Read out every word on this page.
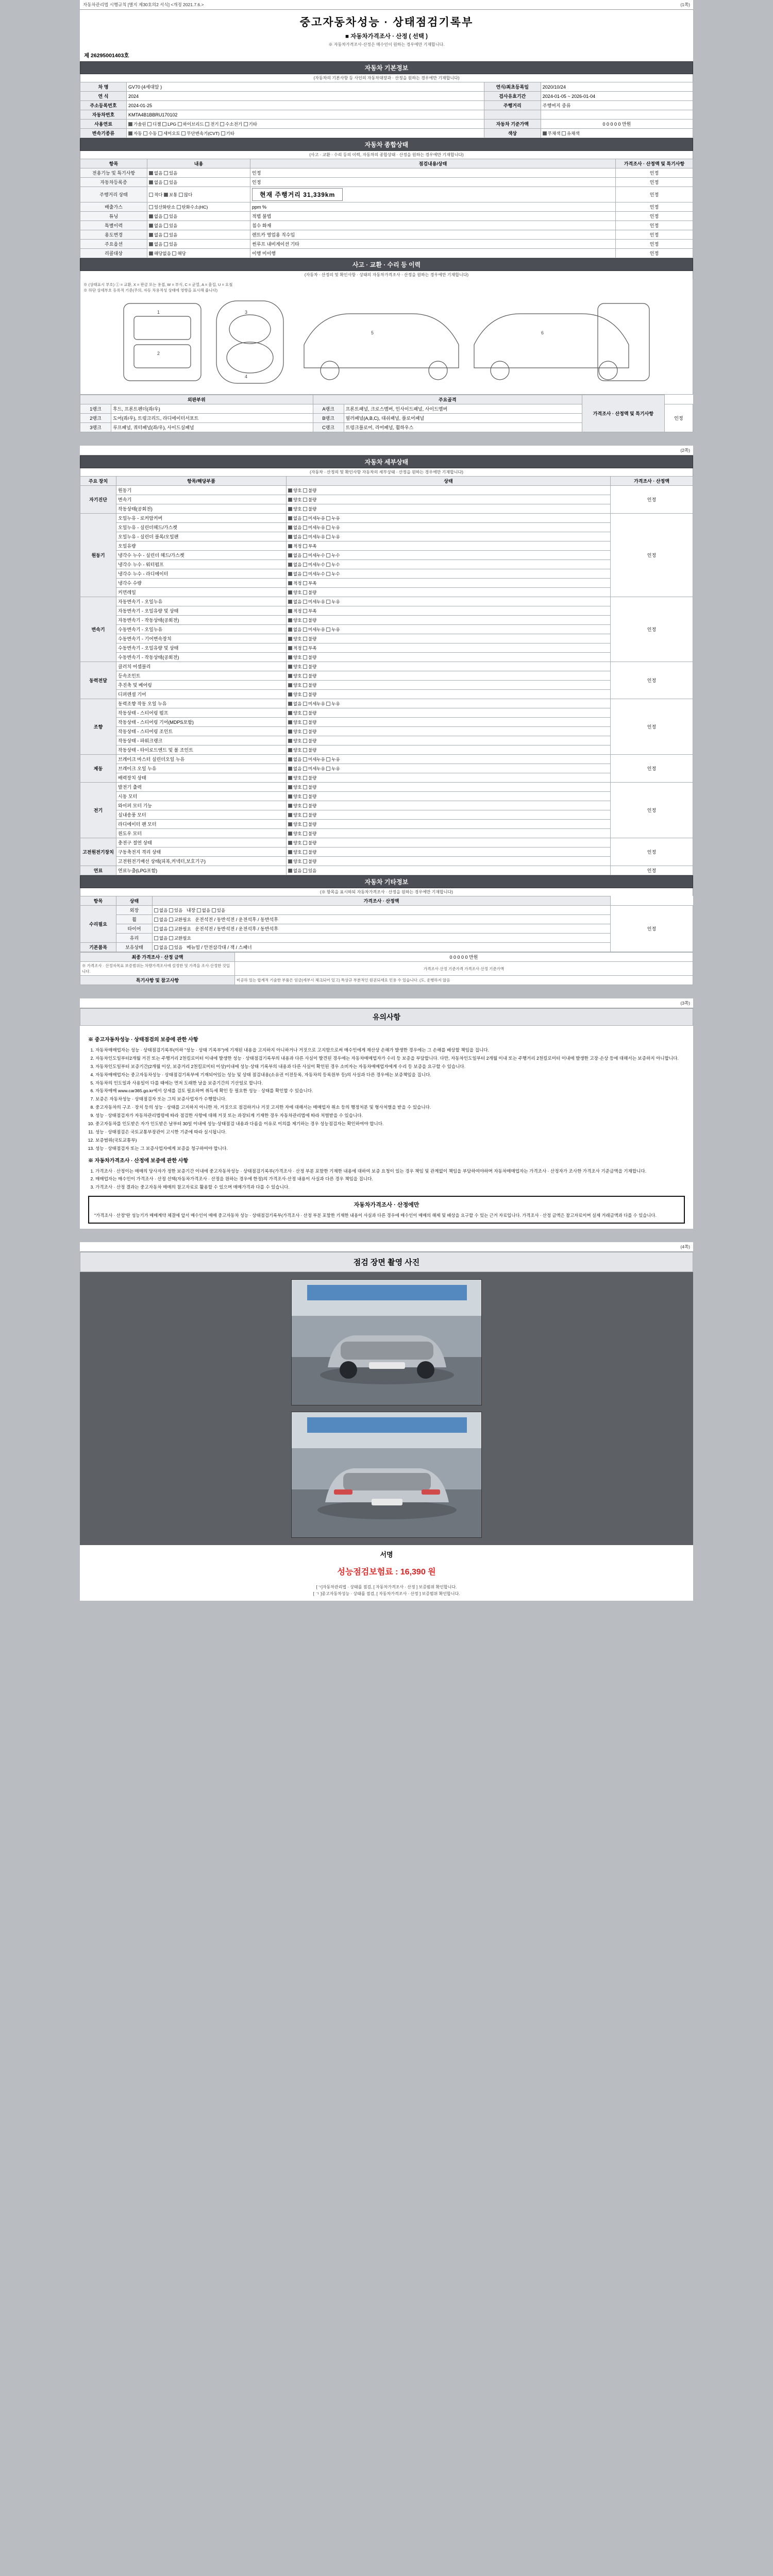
자동차관리법 시행규칙 [별지 제30호의2 서식] <개정 2021.7.6.>	(1쪽)
중고자동차성능 · 상태점검기록부
■ 자동차가격조사 · 산정 ( 선택 )
※ 자동차가격조사·산정은 매수인이 원하는 경우에만 기재합니다.
제 26295001403호
자동차 기본정보
(자동차의 기본사항 등 사인의 자동차대장과 · 산정을 원하는 경우에만 기재합니다)
차 명	GV70 (4세대알 )	연식/최초등록일	2020/10/24
연 식	2024	검사유효기간	2024-01-05 ~ 2026-01-04
주소등록번호	2024-01-25	주행거리	주행여지 중류
자동차번호	KMTA4B1BBRU170102		
사용연료	가솔린 디젤 LPG 하이브리드 전기 수소전기 기타	자동차 기준가액	0 0 0 0 0 만원
변속기종류	자동 수동 세미오토 무단변속기(CVT) 기타	색상	무채색 유채색
자동차 종합상태
(사고 · 교환 · 수리 등의 이력, 자동차의 종합상태 · 산정을 원하는 경우에만 기재합니다)
항목	내용	점검내용/상태	가격조사 · 산정액 및 특기사항
전용기능 및 특기사항	없음 있음	인정	인정
자동차등록증	없음 있음	인정	인정
주행거리 상태	적다 보통 많다	현재 주행거리 31,339km	인정
배출가스	일산화탄소 탄화수소(HC)	ppm %	인정
튜닝	없음 있음	적법 불법	인정
특별이력	없음 있음	침수 화재	인정
용도변경	없음 있음	렌트카 영업용 직수입	인정
주요옵션	없음 있음	썬루프 내비게이션 기타	인정
리콜대상	해당없음 해당	이행 미이행	인정
사고 · 교환 · 수리 등 이력
(자동차 · 산정의 및 확인사항 · 상태의 자동차가격조사 · 산정을 원하는 경우에만 기재합니다)
※ (상태표시 부호) ① = 교환, X = 판금 또는 용접, W = 부식, C = 균열, A = 흠집, U = 요철
※ 하단 상세부호 등록적 기준(주의, 자동 차용적성 상태에 영향을 표시해 줍니다)
1
2
3
4
5	6
외판부위		주요골격		가격조사 · 산정액 및 특기사항	
1랭크	후드, 프론트펜더(좌/우)	A랭크	프론트패널, 크로스멤버, 인사이드패널, 사이드멤버		인정
2랭크	도어(좌/우), 트렁크리드, 라디에이터서포트	B랭크	필러패널(A,B,C), 대쉬패널, 플로어패널		
3랭크	루프패널, 쿼터패널(좌/우), 사이드실패널	C랭크	트렁크플로어, 리어패널, 휠하우스		
(2쪽)
자동차 세부상태
(자동차 · 산정의 및 확인사항 자동차의 세부상태 · 산정을 원하는 경우에만 기재합니다)
주요 장치	항목/해당부품	상태	가격조사 · 산정액
자기진단	원동기	양호 불량	인정
	변속기	양호 불량	
	작동상태(공회전)	양호 불량	
원동기	오일누유 - 로커암커버	없음 미세누유 누유	인정
	오일누유 - 실린더헤드/가스켓	없음 미세누유 누유	
	오일누유 - 실린더 블록/오일팬	없음 미세누유 누유	
	오일유량	적정 부족	
	냉각수 누수 - 실린더 헤드/가스켓	없음 미세누수 누수	
	냉각수 누수 - 워터펌프	없음 미세누수 누수	
	냉각수 누수 - 라디에이터	없음 미세누수 누수	
	냉각수 수량	적정 부족	
	커먼레일	양호 불량	
변속기	자동변속기 - 오일누유	없음 미세누유 누유	인정
	자동변속기 - 오일유량 및 상태	적정 부족	
	자동변속기 - 작동상태(공회전)	양호 불량	
	수동변속기 - 오일누유	없음 미세누유 누유	
	수동변속기 - 기어변속장치	양호 불량	
	수동변속기 - 오일유량 및 상태	적정 부족	
	수동변속기 - 작동상태(공회전)	양호 불량	
동력전달	클러치 어셈블리	양호 불량	인정
	등속조인트	양호 불량	
	추진축 및 베어링	양호 불량	
	디퍼렌셜 기어	양호 불량	
조향	동력조향 작동 오일 누유	없음 미세누유 누유	인정
	작동상태 - 스티어링 펌프	양호 불량	
	작동상태 - 스티어링 기어(MDPS포함)	양호 불량	
	작동상태 - 스티어링 조인트	양호 불량	
	작동상태 - 파워크랭크	양호 불량	
	작동상태 - 타이로드엔드 및 볼 조인트	양호 불량	
제동	브레이크 마스터 실린더오일 누유	없음 미세누유 누유	인정
	브레이크 오일 누유	없음 미세누유 누유	
	배력장치 상태	양호 불량	
전기	발전기 출력	양호 불량	인정
	시동 모터	양호 불량	
	와이퍼 모터 기능	양호 불량	
	실내송풍 모터	양호 불량	
	라디에이터 팬 모터	양호 불량	
	윈도우 모터	양호 불량	
고전원전기장치	충전구 절연 상태	양호 불량	인정
	구동축전지 격리 상태	양호 불량	
	고전원전기배선 상태(피복,커넥터,보호기구)	양호 불량	
연료	연료누출(LPG포함)	없음 있음	인정
자동차 기타정보
(※ 항목을 표시하되 자동차가격조사 · 산정을 원하는 경우에만 기재합니다)
항목	상태	가격조사 · 산정액	
수리필요	외장	없음 있음   내장 없음 있음	인정
	휠	없음 교환필요   운전석전 / 동반석전 / 운전석후 / 동반석후	
	타이어	없음 교환필요   운전석전 / 동반석전 / 운전석후 / 동반석후	
	유리	없음 교환필요	
기본품목	보유상태	없음 있음   메뉴얼 / 안전삼각대 / 잭 / 스패너	
최종 가격조사 · 산정 금액	0 0 0 0 0 만원
※ 가격조사 · 산정자목표 보증범위는 차량가격조사에 설정한 및 가격을 조사·산정한 것입니다.	가격조사·산정 기준가격 가격조사·산정 기준가액
특기사항 및 참고사항	비공하 있는 합계적 기술한 부품은 임금(세부시 체크되어 있고) 특상규 부분적인 원권되세요 민용 수 있습니다. (도, 운행하지 않음
(3쪽)
유의사항
※ 중고자동차성능 · 상태점검의 보증에 관한 사항
1. 자동차매매업자는 성능 · 상태점검기록부(이하 "성능 · 상태 기록부")에 기재된 내용을 고지하지 아니하거나 거짓으로 고지함으로써 매수인에게 재산상 손해가 발생한 경우에는 그 손해를 배상할 책임을 집니다.
2. 자동차인도일부터2개월 거진 또는 주행거리 2천킬로미터 이내에 발생한 성능 · 상태점검기록부의 내용과 다른 사실이 발견된 경우에는 자동차매매업자가 수리 등 보증을 부담합니다. 다만, 자동차인도일부터 2개월 이내 또는 주행거리 2천킬로미터 이내에 발생한 고장·손상 등에 대해서는 보증하지 아니합니다.
3. 자동차인도일부터 보증기간(2개월 이상, 보증거리 2천킬로미터 이상)이내에 성능·상태 기록부의 내용과 다른 사실이 확인된 경우 소비자는 자동차매매업자에게 수리 등 보증을 요구할 수 있습니다.
4. 자동차매매업자는 중고자동차성능 · 상태점검기록부에 기재되어있는 성능 및 상태 점검내용(소유권 이전등록, 자동차의 등록원부 등)의 사실과 다른 경우에는 보증책임을 집니다.
5. 자동차의 인도일과 사용일이 다를 때에는 먼저 도래한 날을 보증기간의 기산일로 합니다.
6. 자동차매매 www.car365.go.kr에서 상세를 검토 필요하며 취득세 확인 등 필요한 성능 · 상태를 확인할 수 있습니다.
7. 보증은 자동차성능 · 상태점검자 또는 그의 보증사업자가 수행합니다.
8. 중고자동차의 구조 · 장치 등의 성능 · 상태를 고지하지 아니한 자, 거짓으로 점검하거나 거짓 고지한 자에 대해서는 매매업자 취소 등의 행정처분 및 형사처벌을 받을 수 있습니다.
9. 성능 · 상태점검자가 자동차관리법령에 따라 점검한 사항에 대해 거짓 또는 과장되게 기재한 경우 자동차관리법에 따라 처벌받을 수 있습니다.
10. 중고자동차를 인도받은 자가 인도받은 날부터 30일 이내에 성능·상태점검 내용과 다름을 이유로 이의를 제기하는 경우 성능점검자는 확인하여야 합니다.
11. 성능 · 상태점검은 국토교통부장관이 고시한 기준에 따라 실시됩니다.
12. 보증범위(국토교통부)
13. 성능 · 상태점검자 또는 그 보증사업자에게 보증을 청구하여야 합니다.
※ 자동차가격조사 · 산정에 보증에 관한 사항
1. 가격조사 · 산정이는 매매의 당사자가 정한 보증기간 이내에 중고자동차성능 · 상태점검기록부(가격조사 · 산정 부분 포함한 기재한 내용에 대하여 보증 요청이 있는 경우 책임 및 관계없이 책임을 부담하여야하며 자동차매매업자는 가격조사 · 산정자가 조사한 가격조사 기준금액을 기재합니다.
2. 매매업자는 매수인이 가격조사 · 산정 선택(자동차가격조사 · 산정을 원하는 경우에 한정)의 가격조사·산정 내용이 사실과 다른 경우 책임을 집니다.
3. 가격조사 · 산정 결과는 중고자동차 매매의 참고자료로 활용할 수 있으며 매매가격과 다를 수 있습니다.
자동차가격조사 · 산정에만
"가격조사 · 산정"란 성능기가 매매계약 체결에 앞서 매수인이 매매 중고자동차 성능 · 상태점검기록부(가격조사 · 산정 부분 포함한 기재한 내용이 사실과 다른 경우에 매수인이 매매의 해제 및 배상을 요구할 수 있는 근거 자료입니다. 가격조사 · 산정 금액은 참고자료이며 실제 거래금액과 다를 수 있습니다.
(4쪽)
점검 장면 촬영 사진
서명
성능점검보험료 : 16,390 원
[ㄱ]자동차관리법 · 상태를 점검, [ 자동차가격조사 · 산정 ] 보증범위 확인합니다.
[ ㄱ ]중고자동차성능 · 상태를 점검, [ 자동차가격조사 · 산정 ] 보증범위 확인합니다.
